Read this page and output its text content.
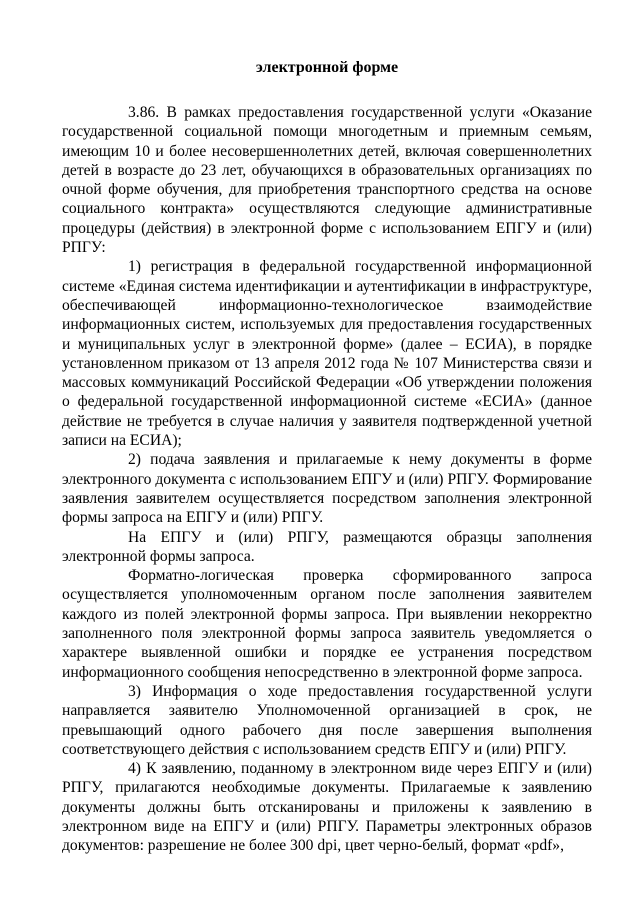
электронной форме

3.86. В рамках предоставления государственной услуги «Оказание государственной социальной помощи многодетным и приемным семьям, имеющим 10 и более несовершеннолетних детей, включая совершеннолетних детей в возрасте до 23 лет, обучающихся в образовательных организациях по очной форме обучения, для приобретения транспортного средства на основе социального контракта» осуществляются следующие административные процедуры (действия) в электронной форме с использованием ЕПГУ и (или) РПГУ:

1) регистрация в федеральной государственной информационной системе «Единая система идентификации и аутентификации в инфраструктуре, обеспечивающей информационно-технологическое взаимодействие информационных систем, используемых для предоставления государственных и муниципальных услуг в электронной форме» (далее – ЕСИА), в порядке установленном приказом от 13 апреля 2012 года № 107 Министерства связи и массовых коммуникаций Российской Федерации «Об утверждении положения о федеральной государственной информационной системе «ЕСИА» (данное действие не требуется в случае наличия у заявителя подтвержденной учетной записи на ЕСИА);

2) подача заявления и прилагаемые к нему документы в форме электронного документа с использованием ЕПГУ и (или) РПГУ. Формирование заявления заявителем осуществляется посредством заполнения электронной формы запроса на ЕПГУ и (или) РПГУ.

На ЕПГУ и (или) РПГУ, размещаются образцы заполнения электронной формы запроса.

Форматно-логическая проверка сформированного запроса осуществляется уполномоченным органом после заполнения заявителем каждого из полей электронной формы запроса. При выявлении некорректно заполненного поля электронной формы запроса заявитель уведомляется о характере выявленной ошибки и порядке ее устранения посредством информационного сообщения непосредственно в электронной форме запроса.

3) Информация о ходе предоставления государственной услуги направляется заявителю Уполномоченной организацией в срок, не превышающий одного рабочего дня после завершения выполнения соответствующего действия с использованием средств ЕПГУ и (или) РПГУ.

4) К заявлению, поданному в электронном виде через ЕПГУ и (или) РПГУ, прилагаются необходимые документы. Прилагаемые к заявлению документы должны быть отсканированы и приложены к заявлению в электронном виде на ЕПГУ и (или) РПГУ. Параметры электронных образов документов: разрешение не более 300 dpi, цвет черно-белый, формат «pdf»,
